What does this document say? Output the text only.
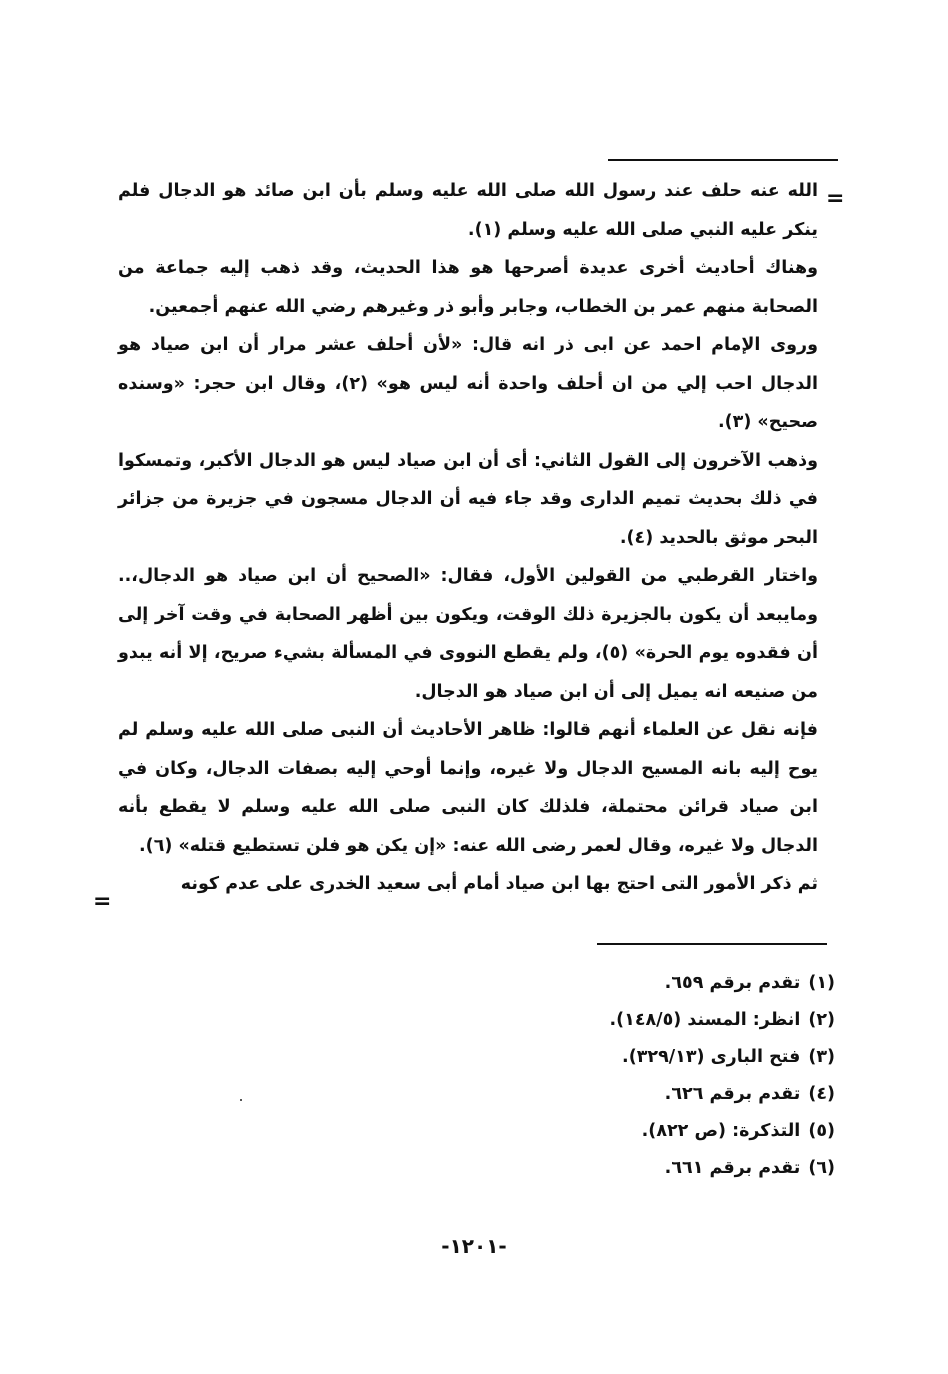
=

الله عنه حلف عند رسول الله صلى الله عليه وسلم بأن ابن صائد هو الدجال فلم ينكر عليه النبي صلى الله عليه وسلم (١).

وهناك أحاديث أخرى عديدة أصرحها هو هذا الحديث، وقد ذهب إليه جماعة من الصحابة منهم عمر بن الخطاب، وجابر وأبو ذر وغيرهم رضي الله عنهم أجمعين.

وروى الإمام احمد عن ابى ذر انه قال: «لأن أحلف عشر مرار أن ابن صياد هو الدجال احب إلي من ان أحلف واحدة أنه ليس هو» (٢)، وقال ابن حجر: «وسنده صحيح» (٣).

وذهب الآخرون إلى القول الثاني: أى أن ابن صياد ليس هو الدجال الأكبر، وتمسكوا في ذلك بحديث تميم الدارى وقد جاء فيه أن الدجال مسجون في جزيرة من جزائر البحر موثق بالحديد (٤).

واختار القرطبي من القولين الأول، فقال: «الصحيح أن ابن صياد هو الدجال،.. ومايبعد أن يكون بالجزيرة ذلك الوقت، ويكون بين أظهر الصحابة في وقت آخر إلى أن فقدوه يوم الحرة» (٥)، ولم يقطع النووى في المسألة بشيء صريح، إلا أنه يبدو من صنيعه انه يميل إلى أن ابن صياد هو الدجال.

فإنه نقل عن العلماء أنهم قالوا: ظاهر الأحاديث أن النبى صلى الله عليه وسلم لم يوح إليه بانه المسيح الدجال ولا غيره، وإنما أوحي إليه بصفات الدجال، وكان في ابن صياد قرائن محتملة، فلذلك كان النبى صلى الله عليه وسلم لا يقطع بأنه الدجال ولا غيره، وقال لعمر رضى الله عنه: «إن يكن هو فلن تستطيع قتله» (٦).

ثم ذكر الأمور التى احتج بها ابن صياد أمام أبى سعيد الخدرى على عدم كونه

=
(١)تقدم برقم ٦٥٩.
(٢)انظر: المسند (١٤٨/٥).
(٣)فتح البارى (٣٢٩/١٣).
(٤)تقدم برقم ٦٢٦.
(٥)التذكرة: (ص ٨٢٢).
(٦)تقدم برقم ٦٦١.
-١٢٠١-
